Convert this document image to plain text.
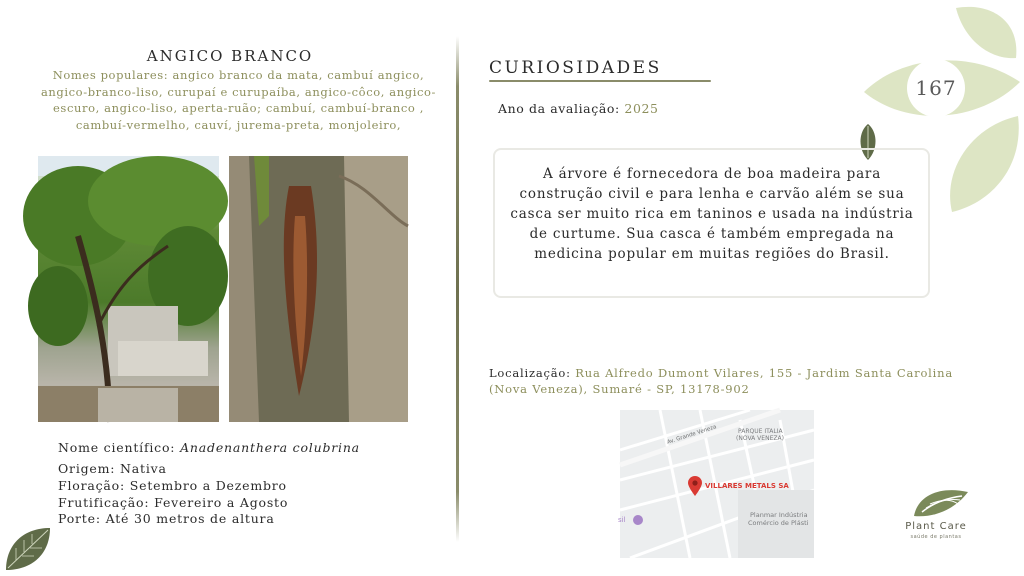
167
ANGICO BRANCO
Nomes populares: angico branco da mata, cambuí angico, angico-branco-liso, curupaí e curupaíba, angico-côco, angico-escuro, angico-liso, aperta-ruão; cambuí, cambuí-branco , cambuí-vermelho, cauví, jurema-preta, monjoleiro,
Nome científico: Anadenanthera colubrina
Origem: Nativa
Floração: Setembro a Dezembro
Frutificação: Fevereiro a Agosto
Porte: Até 30 metros de altura
CURIOSIDADES
Ano da avaliação: 2025
A árvore é fornecedora de boa madeira para construção civil e para lenha e carvão além se sua casca ser muito rica em taninos e usada na indústria de curtume. Sua casca é também empregada na medicina popular em muitas regiões do Brasil.
Localização: Rua Alfredo Dumont Vilares, 155 - Jardim Santa Carolina (Nova Veneza), Sumaré - SP, 13178-902
Av. Grande Veneza	PARQUE ITALIA
(NOVA VENEZA)
VILLARES METALS SA
Planmar Indústria
Comércio de Plásti
sil
Plant Care
saúde de plantas
